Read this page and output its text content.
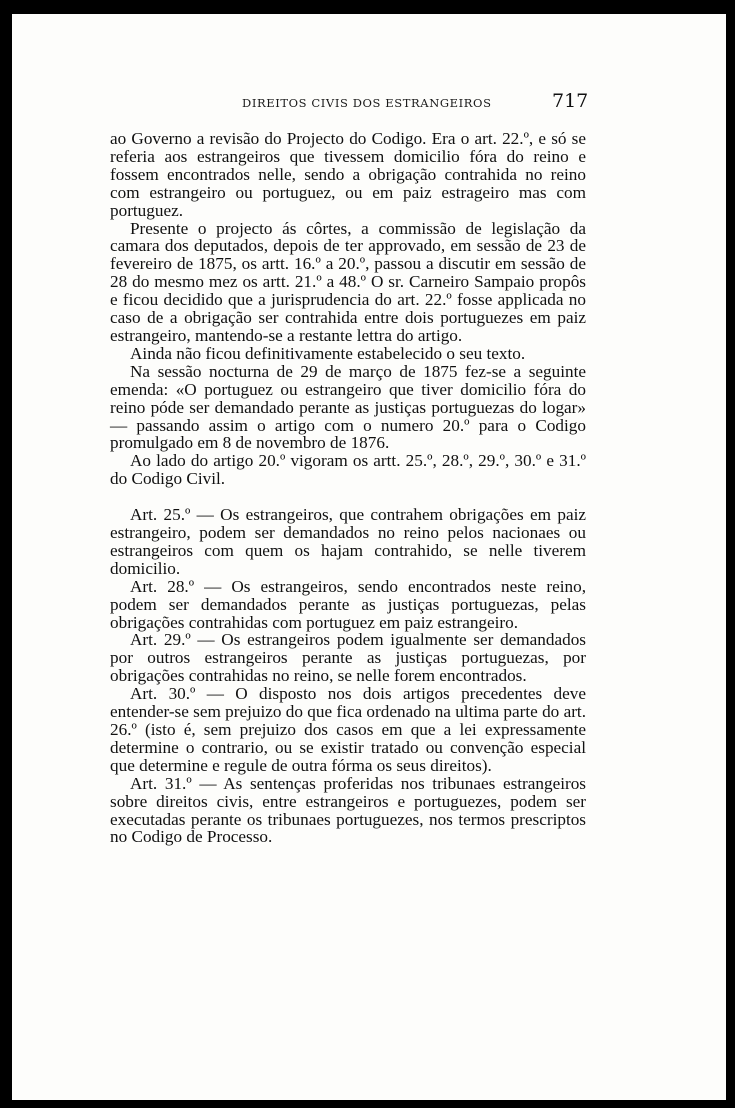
DIREITOS CIVIS DOS ESTRANGEIROS	717

ao Governo a revisão do Projecto do Codigo. Era o art. 22.º, e só se referia aos estrangeiros que tivessem domicilio fóra do reino e fossem encontrados nelle, sendo a obrigação contrahida no reino com estrangeiro ou portuguez, ou em paiz estrageiro mas com portuguez.

Presente o projecto ás côrtes, a commissão de legislação da camara dos deputados, depois de ter approvado, em sessão de 23 de fevereiro de 1875, os artt. 16.º a 20.º, passou a discutir em sessão de 28 do mesmo mez os artt. 21.º a 48.º O sr. Carneiro Sampaio propôs e ficou decidido que a jurisprudencia do art. 22.º fosse applicada no caso de a obrigação ser contrahida entre dois portuguezes em paiz estrangeiro, mantendo-se a restante lettra do artigo.

Ainda não ficou definitivamente estabelecido o seu texto.

Na sessão nocturna de 29 de março de 1875 fez-se a seguinte emenda: «O portuguez ou estrangeiro que tiver domicilio fóra do reino póde ser demandado perante as justiças portuguezas do logar» — passando assim o artigo com o numero 20.º para o Codigo promulgado em 8 de novembro de 1876.

Ao lado do artigo 20.º vigoram os artt. 25.º, 28.º, 29.º, 30.º e 31.º do Codigo Civil.

Art. 25.º — Os estrangeiros, que contrahem obrigações em paiz estrangeiro, podem ser demandados no reino pelos nacionaes ou estrangeiros com quem os hajam contrahido, se nelle tiverem domicilio.

Art. 28.º — Os estrangeiros, sendo encontrados neste reino, podem ser demandados perante as justiças portuguezas, pelas obrigações contrahidas com portuguez em paiz estrangeiro.

Art. 29.º — Os estrangeiros podem igualmente ser demandados por outros estrangeiros perante as justiças portuguezas, por obrigações contrahidas no reino, se nelle forem encontrados.

Art. 30.º — O disposto nos dois artigos precedentes deve entender-se sem prejuizo do que fica ordenado na ultima parte do art. 26.º (isto é, sem prejuizo dos casos em que a lei expressamente determine o contrario, ou se existir tratado ou convenção especial que determine e regule de outra fórma os seus direitos).

Art. 31.º — As sentenças proferidas nos tribunaes estrangeiros sobre direitos civis, entre estrangeiros e portuguezes, podem ser executadas perante os tribunaes portuguezes, nos termos prescriptos no Codigo de Processo.
